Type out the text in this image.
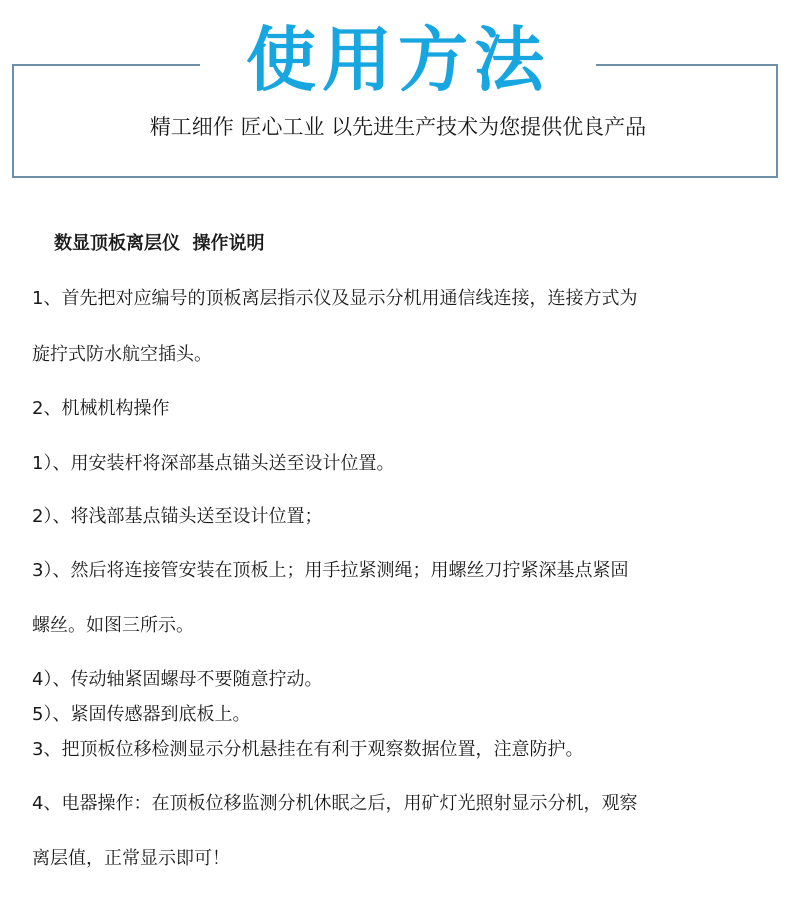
使用方法
精工细作 匠心工业 以先进生产技术为您提供优良产品
数显顶板离层仪  操作说明
1、首先把对应编号的顶板离层指示仪及显示分机用通信线连接，连接方式为
旋拧式防水航空插头。
2、机械机构操作
1）、用安装杆将深部基点锚头送至设计位置。
2）、将浅部基点锚头送至设计位置；
3）、然后将连接管安装在顶板上；用手拉紧测绳；用螺丝刀拧紧深基点紧固
螺丝。如图三所示。
4）、传动轴紧固螺母不要随意拧动。
5）、紧固传感器到底板上。
3、把顶板位移检测显示分机悬挂在有利于观察数据位置，注意防护。
4、电器操作：在顶板位移监测分机休眠之后，用矿灯光照射显示分机，观察
离层值，正常显示即可！
